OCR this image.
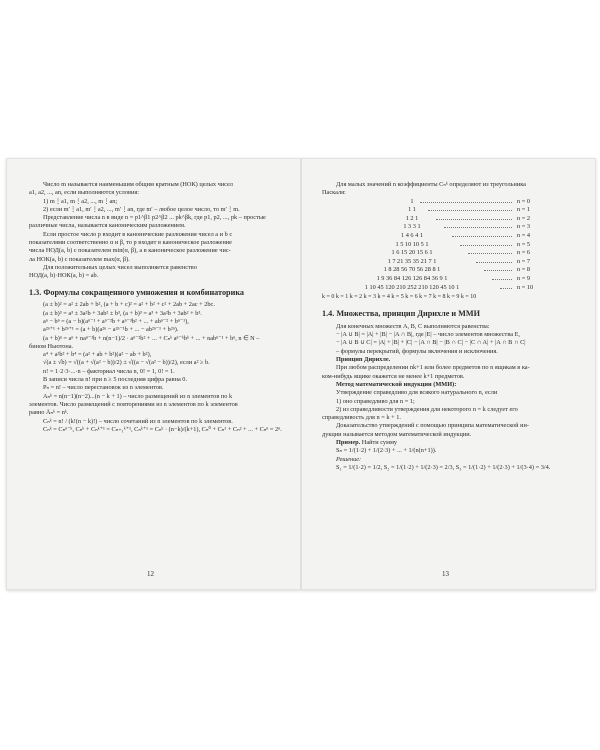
Число m называется наименьшим общим кратным (НОК) целых чисел
a1, a2, ..., an, если выполняются условия:
1) m⋮a1, m⋮a2, ..., m⋮an;
2) если m′⋮a1, m′⋮a2, ..., m′⋮an, где m′ – любое целое число, то m′⋮m.
Представление числа n в виде n = p1^β1 p2^β2 ... pk^βk, где p1, p2, ..., pk – простые
различные числа, называется каноническим разложением.
Если простое число p входит в канонические разложения чисел a и b с
показателями соответственно α и β, то p входит в каноническое разложение
числа НОД(a, b) с показателем min(α, β), а в каноническое разложение чис-
ла НОК(a, b) с показателем max(α, β).
Для положительных целых чисел выполняется равенство
НОД(a, b)·НОК(a, b) = ab.
1.3. Формулы сокращенного умножения и комбинаторика
(a ± b)² = a² ± 2ab + b², (a + b + c)² = a² + b² + c² + 2ab + 2ac + 2bc.
(a ± b)³ = a³ ± 3a²b + 3ab² ± b³, (a + b)³ = a³ + 3a²b + 3ab² + b³.
aⁿ − bⁿ = (a − b)(aⁿ⁻¹ + aⁿ⁻²b + aⁿ⁻³b² + ... + abⁿ⁻² + bⁿ⁻¹),
a²ⁿ⁺¹ + b²ⁿ⁺¹ = (a + b)(a²ⁿ − a²ⁿ⁻¹b + ... − ab²ⁿ⁻¹ + b²ⁿ).
(a + b)ⁿ = aⁿ + naⁿ⁻¹b + n(n−1)/2 · aⁿ⁻²b² + ... + Cₙᵏ aⁿ⁻ᵏbᵏ + ... + nabⁿ⁻¹ + bⁿ, n ∈ N –
бином Ньютона.
a⁴ + a²b² + b⁴ = (a² + ab + b²)(a² − ab + b²),
√(a ± √b) = √((a + √(a² − b))/2) ± √((a − √(a² − b))/2), если a² ≥ b.
n! = 1·2·3·...·n – факториал числа n, 0! = 1, 0! = 1.
В записи числа n! при n ≥ 5 последняя цифра равна 0.
Pₙ = n! – число перестановок из n элементов.
Aₙᵏ = n(n−1)(n−2)...(n − k + 1) – число размещений из n элементов по k
элементов. Число размещений с повторениями из n элементов по k элементов
равно Āₙᵏ = nᵏ.
Cₙᵏ = n! / (k!(n − k)!) – число сочетаний из n элементов по k элементов.
Cₙᵏ = Cₙⁿ⁻ᵏ, Cₙᵏ + Cₙᵏ⁺¹ = Cₙ₊₁ᵏ⁺¹, Cₙᵏ⁺¹ = Cₙᵏ · (n−k)/(k+1), Cₙ⁰ + Cₙ¹ + Cₙ² + ... + Cₙⁿ = 2ⁿ.
12
Для малых значений n коэффициенты Cₙᵏ определяют из треугольника
Паскаля:
1	n = 0
1 1	n = 1
1 2 1	n = 2
1 3 3 1	n = 3
1 4 6 4 1	n = 4
1 5 10 10 5 1	n = 5
1 6 15 20 15 6 1	n = 6
1 7 21 35 35 21 7 1	n = 7
1 8 28 56 70 56 28 8 1	n = 8
1 9 36 84 126 126 84 36 9 1	n = 9
1 10 45 120 210 252 210 120 45 10 1	n = 10
k = 0 k = 1 k = 2 k = 3 k = 4 k = 5 k = 6 k = 7 k = 8 k = 9 k = 10
1.4. Множества, принцип Дирихле и ММИ
Для конечных множеств A, B, C выполняются равенства:
− |A ∪ B| = |A| + |B| − |A ∩ B|, где |E| – число элементов множества E,
− |A ∪ B ∪ C| = |A| + |B| + |C| − |A ∩ B| − |B ∩ C| − |C ∩ A| + |A ∩ B ∩ C|
– формулы перекрытий, формулы включения и исключения.
Принцип Дирихле.
При любом распределении nk+1 или более предметов по n ящикам в ка-
ком-нибудь ящике окажется не менее k+1 предметов.
Метод математической индукции (ММИ):
Утверждение справедливо для всякого натурального n, если
1) оно справедливо для n = 1;
2) из справедливости утверждения для некоторого n = k следует его
справедливость для n = k + 1.
Доказательство утверждений с помощью принципа математической ин-
дукции называется методом математической индукции.
Пример. Найти сумму
Sₙ = 1/(1·2) + 1/(2·3) + ... + 1/(n(n+1)).
Решение:
S₁ = 1/(1·2) = 1/2, S₂ = 1/(1·2) + 1/(2·3) = 2/3, S₃ = 1/(1·2) + 1/(2·3) + 1/(3·4) = 3/4.
13
